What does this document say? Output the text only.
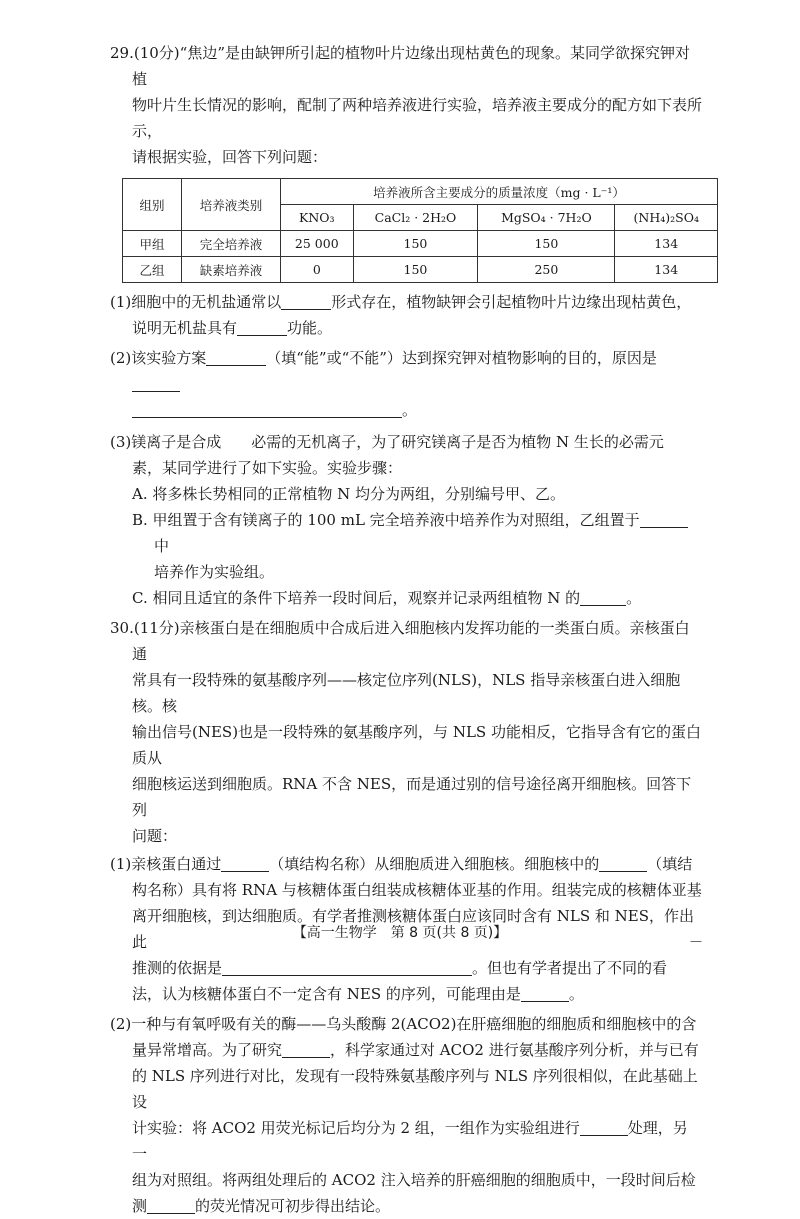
29.(10分)“焦边”是由缺钾所引起的植物叶片边缘出现枯黄色的现象。某同学欲探究钾对植
物叶片生长情况的影响，配制了两种培养液进行实验，培养液主要成分的配方如下表所示，
请根据实验，回答下列问题：

组别	培养液类别	培养液所含主要成分的质量浓度（mg · L⁻¹）			
		KNO₃	CaCl₂ · 2H₂O	MgSO₄ · 7H₂O	(NH₄)₂SO₄
甲组	完全培养液	25 000	150	150	134
乙组	缺素培养液	0	150	250	134

(1)细胞中的无机盐通常以	形式存在，植物缺钾会引起植物叶片边缘出现枯黄色，
说明无机盐具有	功能。

(2)该实验方案	（填“能”或“不能”）达到探究钾对植物影响的目的，原因是
。

(3)镁离子是合成 必需的无机离子，为了研究镁离子是否为植物 N 生长的必需元
素，某同学进行了如下实验。实验步骤：

A. 将多株长势相同的正常植物 N 均分为两组，分别编号甲、乙。

B. 甲组置于含有镁离子的 100 mL 完全培养液中培养作为对照组，乙组置于中
培养作为实验组。

C. 相同且适宜的条件下培养一段时间后，观察并记录两组植物 N 的	。

30.(11分)亲核蛋白是在细胞质中合成后进入细胞核内发挥功能的一类蛋白质。亲核蛋白通
常具有一段特殊的氨基酸序列——核定位序列(NLS)，NLS 指导亲核蛋白进入细胞核。核
输出信号(NES)也是一段特殊的氨基酸序列，与 NLS 功能相反，它指导含有它的蛋白质从
细胞核运送到细胞质。RNA 不含 NES，而是通过别的信号途径离开细胞核。回答下列
问题：

(1)亲核蛋白通过	（填结构名称）从细胞质进入细胞核。细胞核中的	（填结
构名称）具有将 RNA 与核糖体蛋白组装成核糖体亚基的作用。组装完成的核糖体亚基
离开细胞核，到达细胞质。有学者推测核糖体蛋白应该同时含有 NLS 和 NES，作出此
推测的依据是	。但也有学者提出了不同的看
法，认为核糖体蛋白不一定含有 NES 的序列，可能理由是	。

(2)一种与有氧呼吸有关的酶——乌头酸酶 2(ACO2)在肝癌细胞的细胞质和细胞核中的含
量异常增高。为了研究	，科学家通过对 ACO2 进行氨基酸序列分析，并与已有
的 NLS 序列进行对比，发现有一段特殊氨基酸序列与 NLS 序列很相似，在此基础上设
计实验：将 ACO2 用荧光标记后均分为 2 组，一组作为实验组进行	处理，另一
组为对照组。将两组处理后的 ACO2 注入培养的肝癌细胞的细胞质中，一段时间后检
测	的荧光情况可初步得出结论。

【高一生物学　第 8 页(共 8 页)】	—
